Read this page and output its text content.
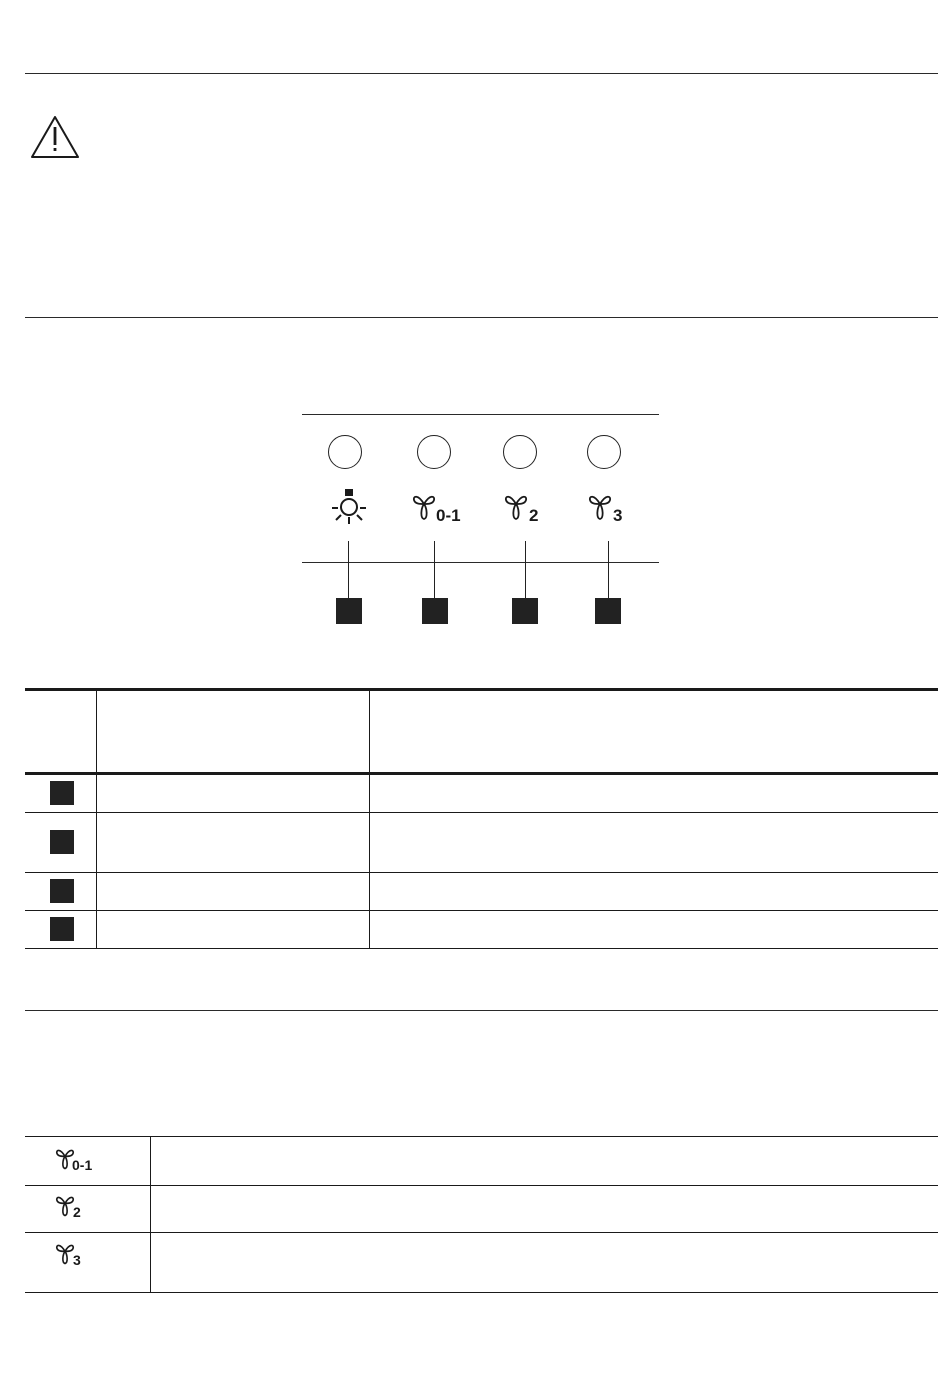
0-1	2	3
0-1
2
3
